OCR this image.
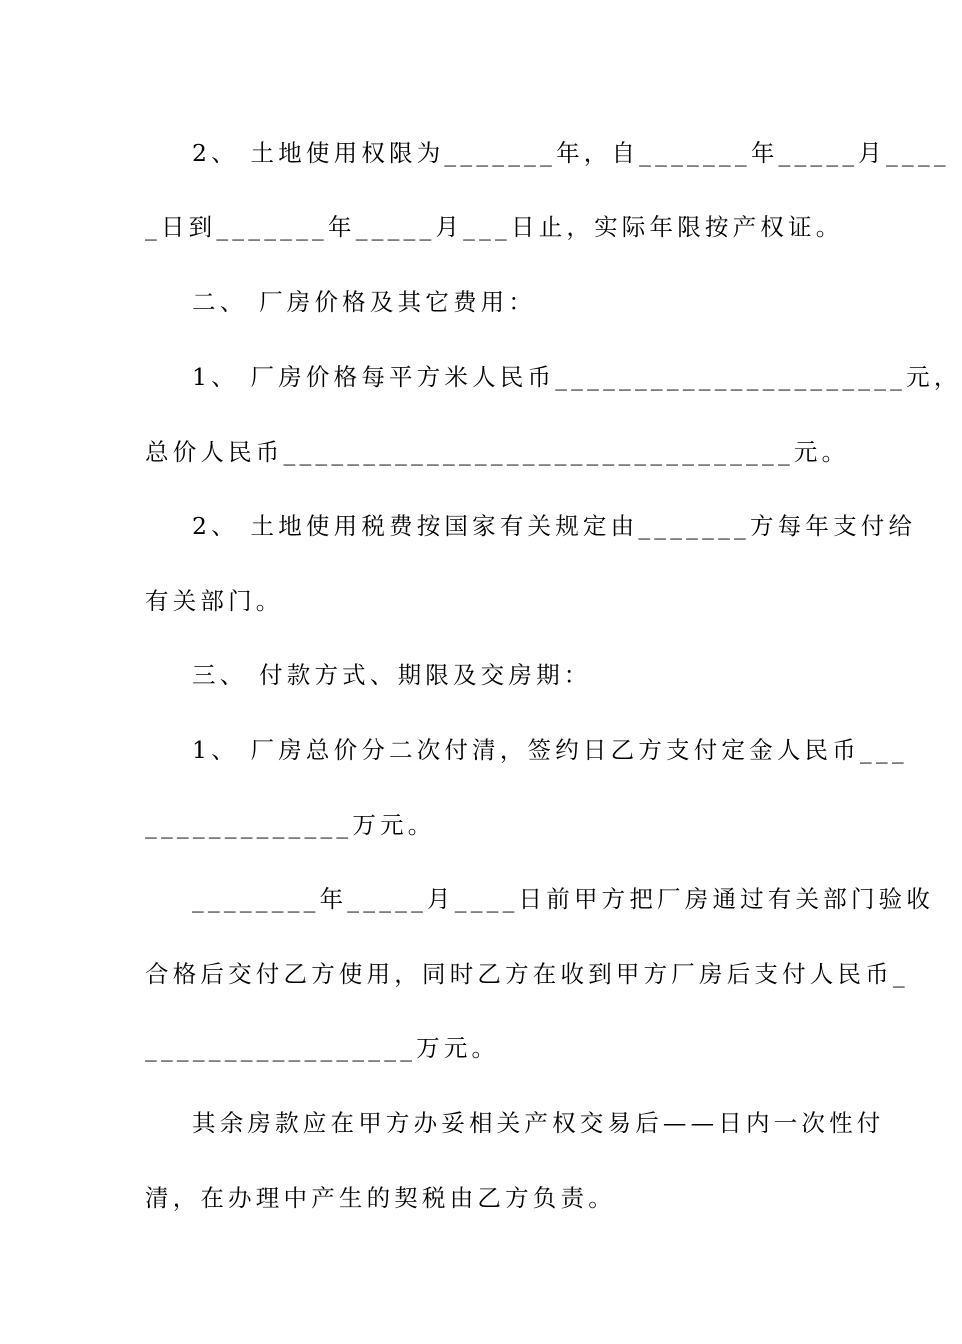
2、 土地使用权限为_______年，自_______年_____月____
_日到_______年_____月___日止，实际年限按产权证。
二、 厂房价格及其它费用：
1、 厂房价格每平方米人民币______________________元，
总价人民币________________________________元。
2、 土地使用税费按国家有关规定由_______方每年支付给
有关部门。
三、 付款方式、期限及交房期：
1、 厂房总价分二次付清，签约日乙方支付定金人民币___
_____________万元。
________年_____月____日前甲方把厂房通过有关部门验收
合格后交付乙方使用，同时乙方在收到甲方厂房后支付人民币_
_________________万元。
其余房款应在甲方办妥相关产权交易后——日内一次性付
清，在办理中产生的契税由乙方负责。
